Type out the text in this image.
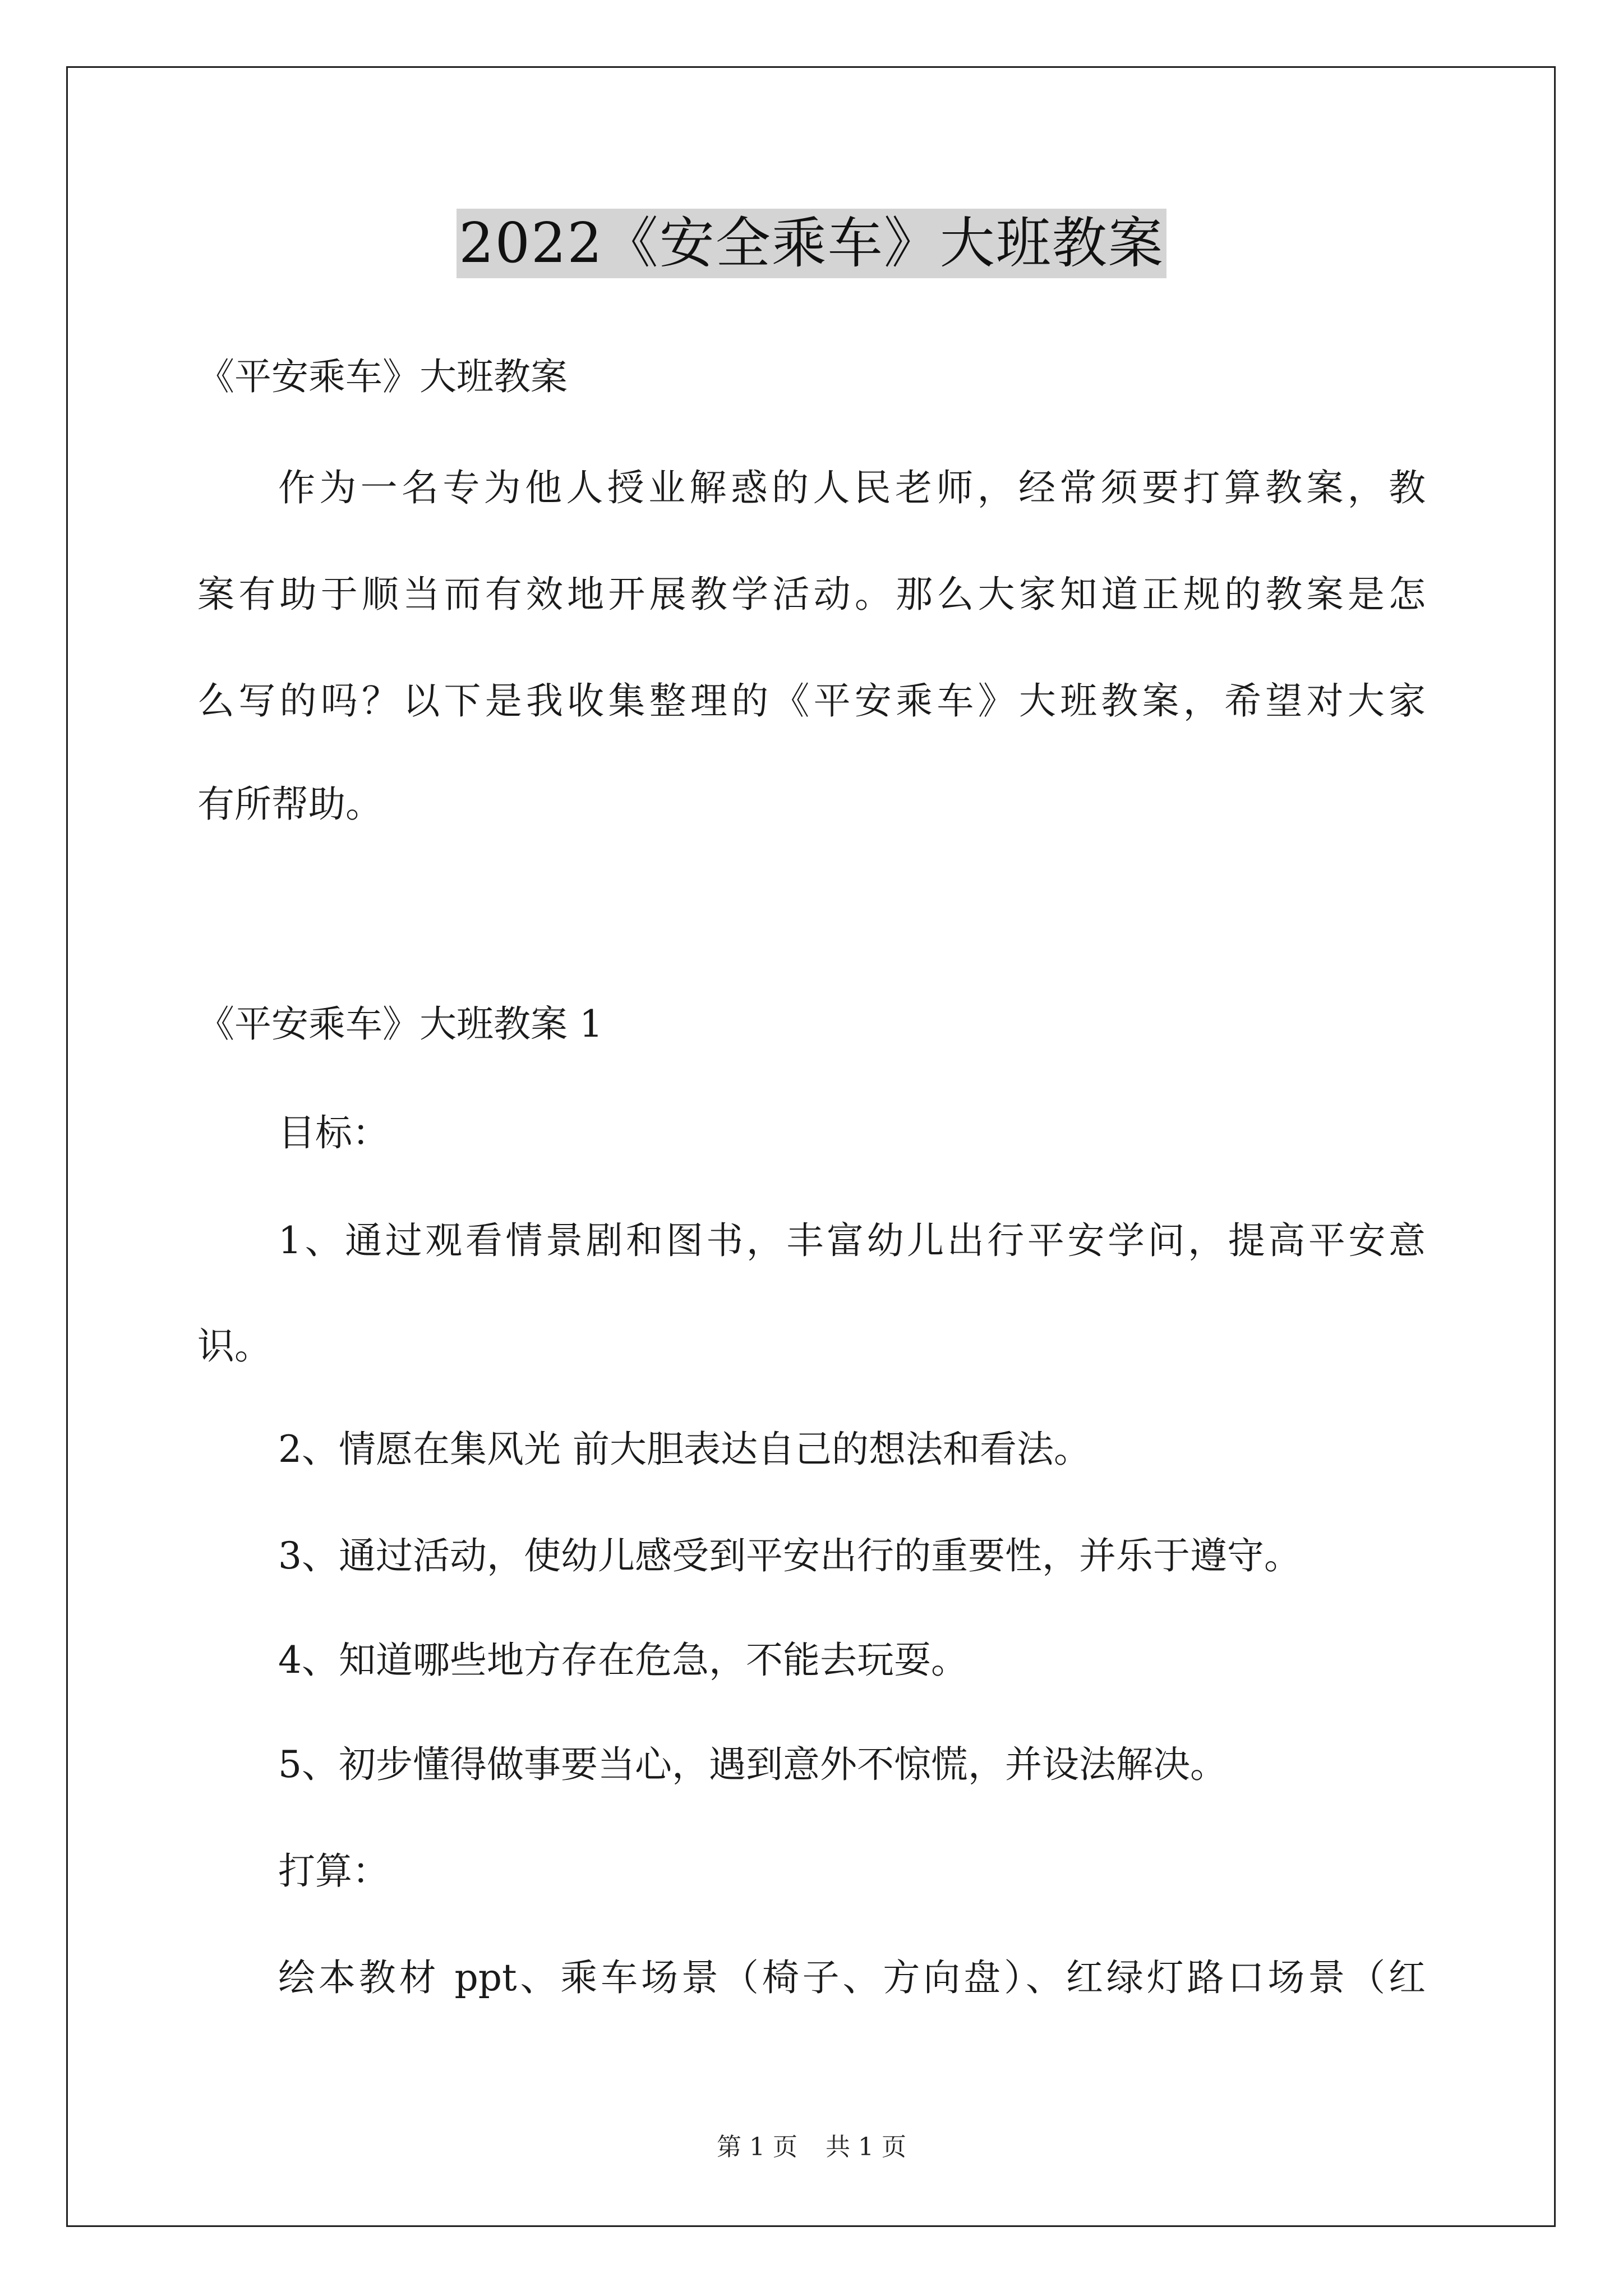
2022《安全乘车》大班教案
《平安乘车》大班教案
作为一名专为他人授业解惑的人民老师，经常须要打算教案，教
案有助于顺当而有效地开展教学活动。那么大家知道正规的教案是怎
么写的吗？以下是我收集整理的《平安乘车》大班教案，希望对大家
有所帮助。
《平安乘车》大班教案 1
目标：
1、通过观看情景剧和图书，丰富幼儿出行平安学问，提高平安意
识。
2、情愿在集风光 前大胆表达自己的想法和看法。
3、通过活动，使幼儿感受到平安出行的重要性，并乐于遵守。
4、知道哪些地方存在危急，不能去玩耍。
5、初步懂得做事要当心，遇到意外不惊慌，并设法解决。
打算：
绘本教材 ppt、乘车场景（椅子、方向盘）、红绿灯路口场景（红
第 1 页 共 1 页
